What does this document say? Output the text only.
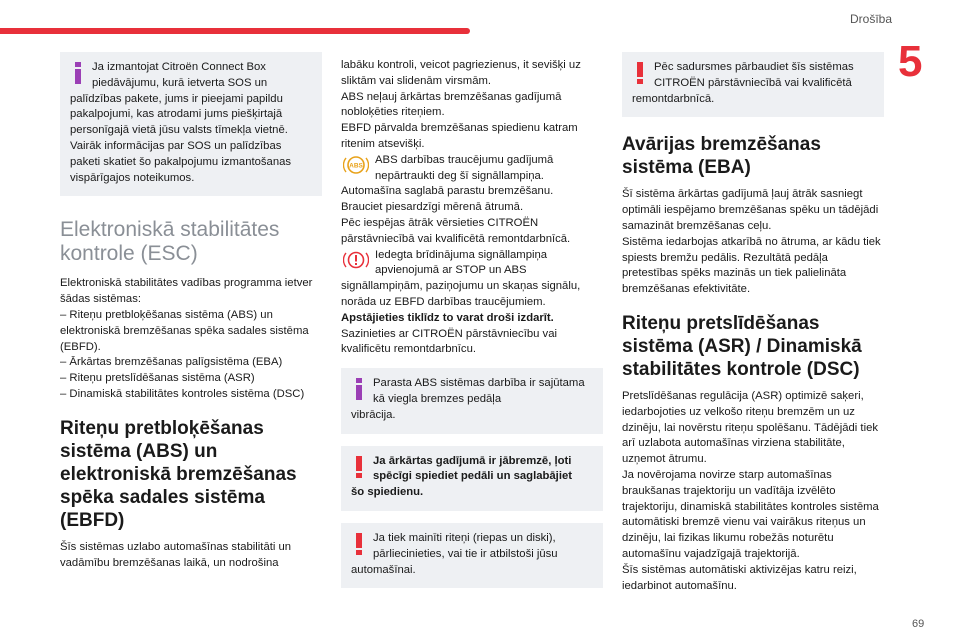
Drošība
5
69

Ja izmantojat Citroën Connect Box piedāvājumu, kurā ietverta SOS un

palīdzības pakete, jums ir pieejami papildu pakalpojumi, kas atrodami jums piešķirtajā personīgajā vietā jūsu valsts tīmekļa vietnē.
Vairāk informācijas par SOS un palīdzības paketi skatiet šo pakalpojumu izmantošanas vispārīgajos noteikumos.

Elektroniskā stabilitātes kontrole (ESC)

Elektroniskā stabilitātes vadības programma ietver šādas sistēmas:
– Riteņu pretbloķēšanas sistēma (ABS) un elektroniskā bremzēšanas spēka sadales sistēma (EBFD).
– Ārkārtas bremzēšanas palīgsistēma (EBA)
– Riteņu pretslīdēšanas sistēma (ASR)
– Dinamiskā stabilitātes kontroles sistēma (DSC)

Riteņu pretbloķēšanas sistēma (ABS) un elektroniskā bremzēšanas spēka sadales sistēma (EBFD)

Šīs sistēmas uzlabo automašīnas stabilitāti un vadāmību bremzēšanas laikā, un nodrošina

labāku kontroli, veicot pagriezienus, it sevišķi uz sliktām vai slidenām virsmām.
ABS neļauj ārkārtas bremzēšanas gadījumā nobloķēties riteņiem.
EBFD pārvalda bremzēšanas spiedienu katram ritenim atsevišķi.

ABS ABS darbības traucējumu gadījumā nepārtraukti deg šī signāllampiņa.

Automašīna saglabā parastu bremzēšanu.
Brauciet piesardzīgi mērenā ātrumā.
Pēc iespējas ātrāk vērsieties CITROËN pārstāvniecībā vai kvalificētā remontdarbnīcā.

Iedegta brīdinājuma signāllampiņa apvienojumā ar STOP un ABS

signāllampiņām, paziņojumu un skaņas signālu, norāda uz EBFD darbības traucējumiem.

Apstājieties tiklīdz to varat droši izdarīt.

Sazinieties ar CITROËN pārstāvniecību vai kvalificētu remontdarbnīcu.

Parasta ABS sistēmas darbība ir sajūtama kā viegla bremzes pedāļa

vibrācija.

Ja ārkārtas gadījumā ir jābremzē, ļoti spēcīgi spiediet pedāli un saglabājiet

šo spiedienu.

Ja tiek mainīti riteņi (riepas un diski), pārliecinieties, vai tie ir atbilstoši jūsu

automašīnai.

Pēc sadursmes pārbaudiet šīs sistēmas CITROËN pārstāvniecībā vai kvalificētā

remontdarbnīcā.

Avārijas bremzēšanas sistēma (EBA)

Šī sistēma ārkārtas gadījumā ļauj ātrāk sasniegt optimāli iespējamo bremzēšanas spēku un tādējādi samazināt bremzēšanas ceļu.
Sistēma iedarbojas atkarībā no ātruma, ar kādu tiek spiests bremžu pedālis. Rezultātā pedāļa pretestības spēks mazinās un tiek palielināta bremzēšanas efektivitāte.

Riteņu pretslīdēšanas sistēma (ASR) / Dinamiskā stabilitātes kontrole (DSC)

Pretslīdēšanas regulācija (ASR) optimizē saķeri, iedarbojoties uz velkošo riteņu bremzēm un uz dzinēju, lai novērstu riteņu spolēšanu. Tādējādi tiek arī uzlabota automašīnas virziena stabilitāte, uzņemot ātrumu.
Ja novērojama novirze starp automašīnas braukšanas trajektoriju un vadītāja izvēlēto trajektoriju, dinamiskā stabilitātes kontroles sistēma automātiski bremzē vienu vai vairākus riteņus un dzinēju, lai fizikas likumu robežās noturētu automašīnu vajadzīgajā trajektorijā.
Šīs sistēmas automātiski aktivizējas katru reizi, iedarbinot automašīnu.
